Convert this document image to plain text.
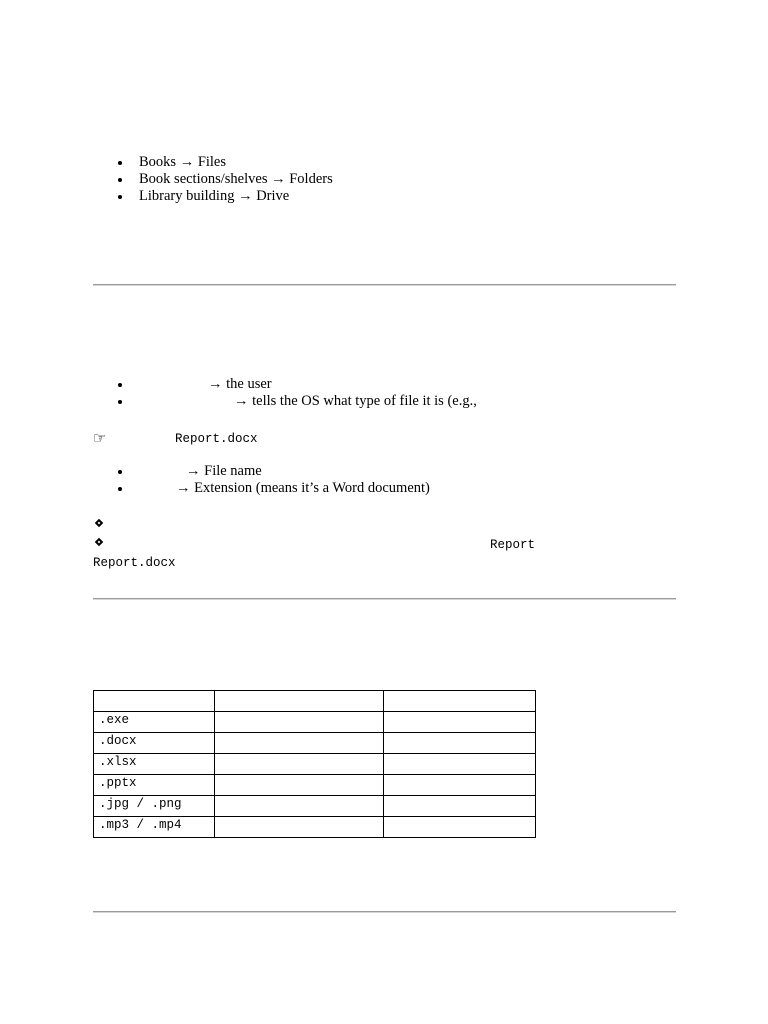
Books → Files
Book sections/shelves → Folders
Library building → Drive
→ the user
→ tells the OS what type of file it is (e.g.,
☞	Report.docx
→ File name
→ Extension (means it’s a Word document)
Report
Report.docx

.exe		
.docx		
.xlsx		
.pptx		
.jpg / .png		
.mp3 / .mp4		
